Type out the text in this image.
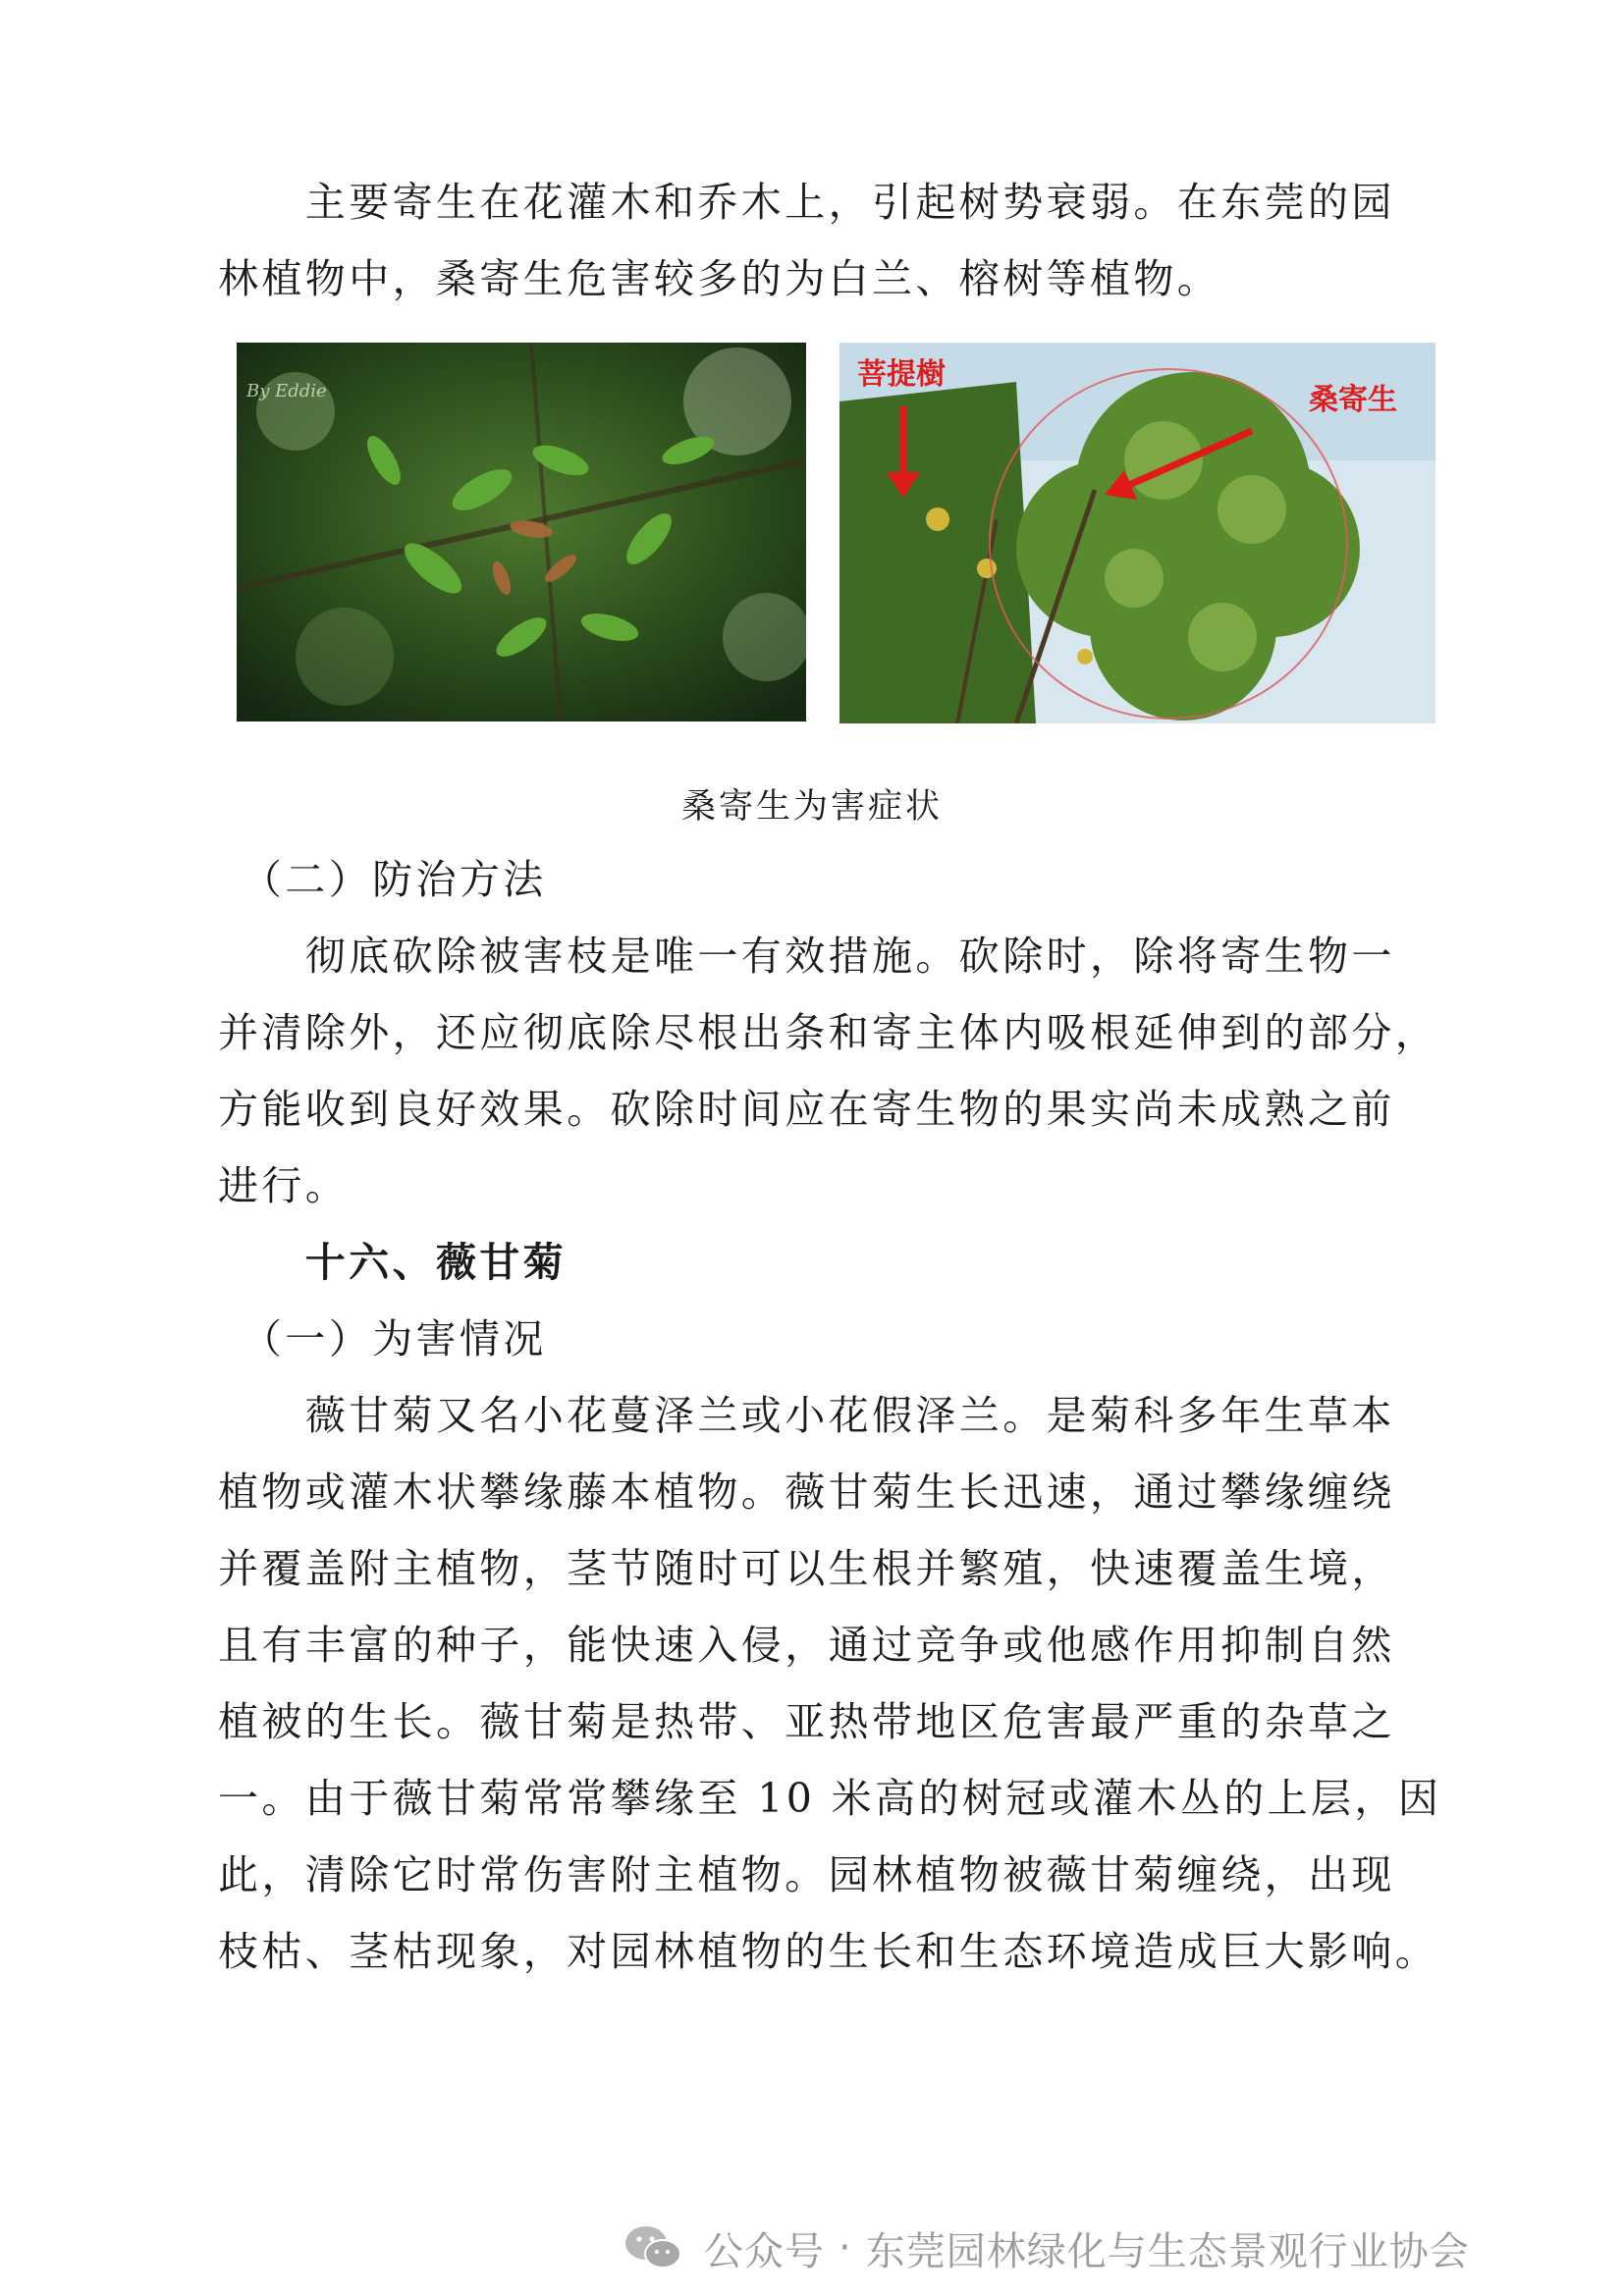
　　主要寄生在花灌木和乔木上，引起树势衰弱。在东莞的园
林植物中，桑寄生危害较多的为白兰、榕树等植物。
By Eddie	菩提樹
桑寄生
桑寄生为害症状
　（二）防治方法
　　彻底砍除被害枝是唯一有效措施。砍除时，除将寄生物一
并清除外，还应彻底除尽根出条和寄主体内吸根延伸到的部分，
方能收到良好效果。砍除时间应在寄生物的果实尚未成熟之前
进行。
　　十六、薇甘菊
　（一）为害情况
　　薇甘菊又名小花蔓泽兰或小花假泽兰。是菊科多年生草本
植物或灌木状攀缘藤本植物。薇甘菊生长迅速，通过攀缘缠绕
并覆盖附主植物，茎节随时可以生根并繁殖，快速覆盖生境，
且有丰富的种子，能快速入侵，通过竞争或他感作用抑制自然
植被的生长。薇甘菊是热带、亚热带地区危害最严重的杂草之
一。由于薇甘菊常常攀缘至 10 米高的树冠或灌木丛的上层，因
此，清除它时常伤害附主植物。园林植物被薇甘菊缠绕，出现
枝枯、茎枯现象，对园林植物的生长和生态环境造成巨大影响。
公众号 · 东莞园林绿化与生态景观行业协会
